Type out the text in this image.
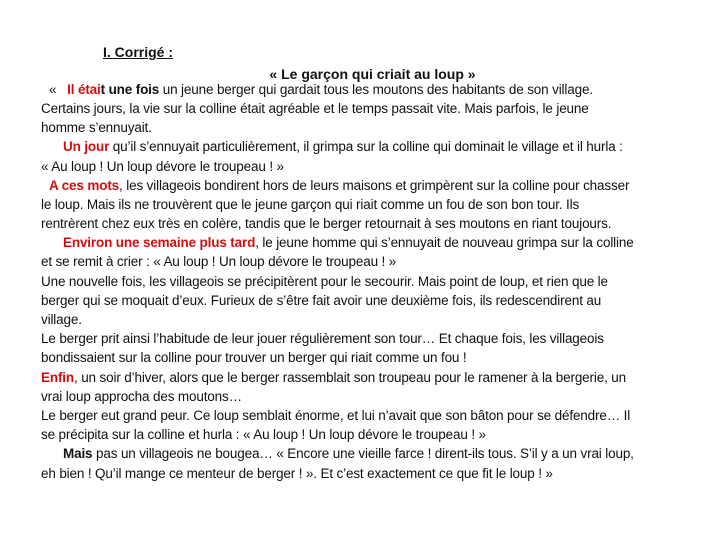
I. Corrigé :
« Le garçon qui criait au loup »
«   Il était une fois un jeune berger qui gardait tous les moutons des habitants de son village.
Certains jours, la vie sur la colline était agréable et le temps passait vite. Mais parfois, le jeune
homme s’ennuyait.
Un jour qu’il s’ennuyait particulièrement, il grimpa sur la colline qui dominait le village et il hurla :
« Au loup ! Un loup dévore le troupeau ! »
A ces mots, les villageois bondirent hors de leurs maisons et grimpèrent sur la colline pour chasser
le loup. Mais ils ne trouvèrent que le jeune garçon qui riait comme un fou de son bon tour. Ils
rentrèrent chez eux très en colère, tandis que le berger retournait à ses moutons en riant toujours.
Environ une semaine plus tard, le jeune homme qui s’ennuyait de nouveau grimpa sur la colline
et se remit à crier : « Au loup ! Un loup dévore le troupeau ! »
Une nouvelle fois, les villageois se précipitèrent pour le secourir. Mais point de loup, et rien que le
berger qui se moquait d’eux. Furieux de s’être fait avoir une deuxième fois, ils redescendirent au
village.
Le berger prit ainsi l’habitude de leur jouer régulièrement son tour… Et chaque fois, les villageois
bondissaient sur la colline pour trouver un berger qui riait comme un fou !
Enfin, un soir d’hiver, alors que le berger rassemblait son troupeau pour le ramener à la bergerie, un
vrai loup approcha des moutons…
Le berger eut grand peur. Ce loup semblait énorme, et lui n’avait que son bâton pour se défendre… Il
se précipita sur la colline et hurla : « Au loup ! Un loup dévore le troupeau ! »
Mais pas un villageois ne bougea… « Encore une vieille farce ! dirent-ils tous. S’il y a un vrai loup,
eh bien ! Qu’il mange ce menteur de berger ! ». Et c’est exactement ce que fit le loup ! »
